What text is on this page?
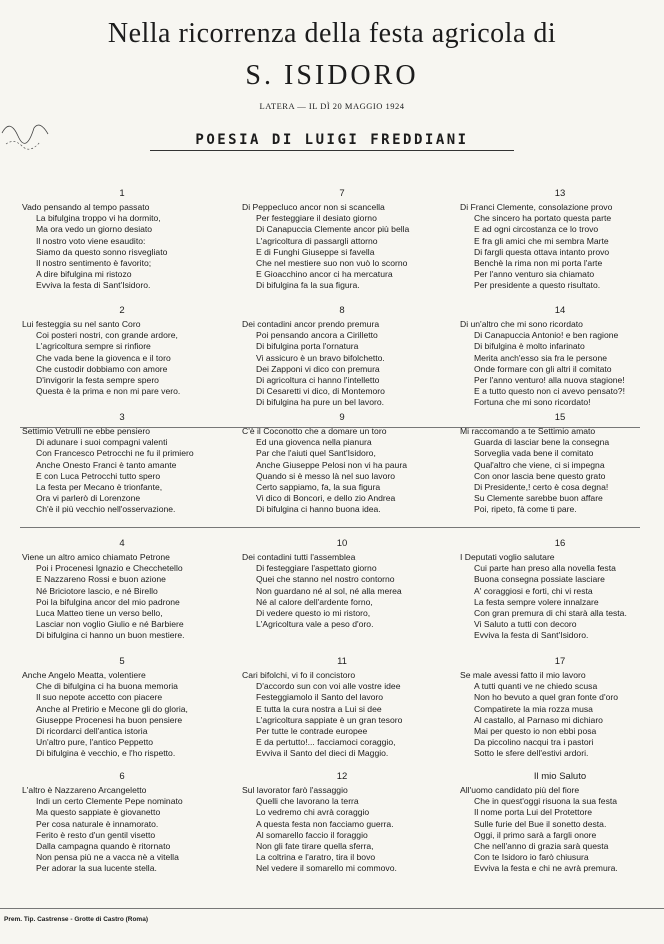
Nella ricorrenza della festa agricola di
S. ISIDORO
LATERA — IL DÌ 20 MAGGIO 1924
POESIA DI LUIGI FREDDIANI
1
Vado pensando al tempo passato
La bifulgina troppo vi ha dormito,
Ma ora vedo un giorno desiato
Il nostro voto viene esaudito:
Siamo da questo sonno risvegliato
Il nostro sentimento è favorito;
A dire bifulgina mi ristozo
Evviva la festa di Sant'Isidoro.
2
Lui festeggia su nel santo Coro
Coi posteri nostri, con grande ardore,
L'agricoltura sempre si rinfiore
Che vada bene la giovenca e il toro
Che custodir dobbiamo con amore
D'invigorir la festa sempre spero
Questa è la prima e non mi pare vero.
3
Settimio Vetrulli ne ebbe pensiero
Di adunare i suoi compagni valenti
Con Francesco Petrocchi ne fu il primiero
Anche Onesto Franci è tanto amante
E con Luca Petrocchi tutto spero
La festa per Mecano è trionfante,
Ora vi parlerò di Lorenzone
Ch'è il più vecchio nell'osservazione.
4
Viene un altro amico chiamato Petrone
Poi i Procenesi Ignazio e Checchetello
E Nazzareno Rossi e buon azione
Né Briciotore lascio, e né Birello
Poi la bifulgina ancor del mio padrone
Luca Matteo tiene un verso bello,
Lasciar non voglio Giulio e né Barbiere
Di bifulgina ci hanno un buon mestiere.
5
Anche Angelo Meatta, volentiere
Che di bifulgina ci ha buona memoria
Il suo nepote accetto con piacere
Anche al Pretirio e Mecone gli do gloria,
Giuseppe Procenesi ha buon pensiere
Di ricordarci dell'antica istoria
Un'altro pure, l'antico Peppetto
Di bifulgina è vecchio, e l'ho rispetto.
6
L'altro è Nazzareno Arcangeletto
Indi un certo Clemente Pepe nominato
Ma questo sappiate è giovanetto
Per cosa naturale è innamorato.
Ferito è resto d'un gentil visetto
Dalla campagna quando è ritornato
Non pensa più ne a vacca nè a vitella
Per adorar la sua lucente stella.
7
Di Peppecluco ancor non si scancella
Per festeggiare il desiato giorno
Di Canapuccia Clemente ancor più bella
L'agricoltura di passargli attorno
E di Funghi Giuseppe si favella
Che nel mestiere suo non vuò lo scorno
E Gioacchino ancor ci ha mercatura
Di bifulgina fa la sua figura.
8
Dei contadini ancor prendo premura
Poi pensando ancora a Cirilletto
Di bifulgina porta l'ornatura
Vi assicuro è un bravo bifolchetto.
Dei Zapponi vi dico con premura
Di agricoltura ci hanno l'intelletto
Di Cesaretti vi dico, di Montemoro
Di bifulgina ha pure un bel lavoro.
9
C'è il Coconotto che a domare un toro
Ed una giovenca nella pianura
Par che l'aiuti quel Sant'Isidoro,
Anche Giuseppe Pelosi non vi ha paura
Quando si è messo là nel suo lavoro
Certo sappiamo, fa, la sua figura
Vi dico di Boncori, e dello zio Andrea
Di bifulgina ci hanno buona idea.
10
Dei contadini tutti l'assemblea
Di festeggiare l'aspettato giorno
Quei che stanno nel nostro contorno
Non guardano né al sol, né alla merea
Né al calore dell'ardente forno,
Di vedere questo io mi ristoro,
L'Agricoltura vale a peso d'oro.
11
Cari bifolchi, vi fo il concistoro
D'accordo sun con voi alle vostre idee
Festeggiamolo il Santo del lavoro
E tutta la cura nostra a Lui si dee
L'agricoltura sappiate è un gran tesoro
Per tutte le contrade europee
E da pertutto!... facciamoci coraggio,
Evviva il Santo del dieci di Maggio.
12
Sul lavorator farò l'assaggio
Quelli che lavorano la terra
Lo vedremo chi avrà coraggio
A questa festa non facciamo guerra.
Al somarello faccio il foraggio
Non gli fate tirare quella sferra,
La coltrina e l'aratro, tira il bovo
Nel vedere il somarello mi commovo.
13
Di Franci Clemente, consolazione provo
Che sincero ha portato questa parte
E ad ogni circostanza ce lo trovo
E fra gli amici che mi sembra Marte
Di fargli questa ottava intanto provo
Benchè la rima non mi porta l'arte
Per l'anno venturo sia chiamato
Per presidente a questo risultato.
14
Di un'altro che mi sono ricordato
Di Canapuccia Antonio! e ben ragione
Di bifulgina è molto infarinato
Merita anch'esso sia fra le persone
Onde formare con gli altri il comitato
Per l'anno venturo! alla nuova stagione!
E a tutto questo non ci avevo pensato?!
Fortuna che mi sono ricordato!
15
Mi raccomando a te Settimio amato
Guarda di lasciar bene la consegna
Sorveglia vada bene il comitato
Qual'altro che viene, ci si impegna
Con onor lascia bene questo grato
Di Presidente,! certo è cosa degna!
Su Clemente sarebbe buon affare
Poi, ripeto, fà come ti pare.
16
I Deputati voglio salutare
Cui parte han preso alla novella festa
Buona consegna possiate lasciare
A' coraggiosi e forti, chi vi resta
La festa sempre volere innalzare
Con gran premura di chi starà alla testa.
Vi Saluto a tutti con decoro
Evviva la festa di Sant'Isidoro.
17
Se male avessi fatto il mio lavoro
A tutti quanti ve ne chiedo scusa
Non ho bevuto a quel gran fonte d'oro
Compatirete la mia rozza musa
Al castallo, al Parnaso mi dichiaro
Mai per questo io non ebbi posa
Da piccolino nacqui tra i pastori
Sotto le sfere dell'estivi ardori.
Il mio Saluto
All'uomo candidato più del fiore
Che in quest'oggi risuona la sua festa
Il nome porta Lui del Protettore
Sulle furie del Bue il sonetto desta.
Oggi, il primo sarà a fargli onore
Che nell'anno di grazia sarà questa
Con te Isidoro io farò chiusura
Evviva la festa e chi ne avrà premura.
Prem. Tip. Castrense - Grotte di Castro (Roma)
